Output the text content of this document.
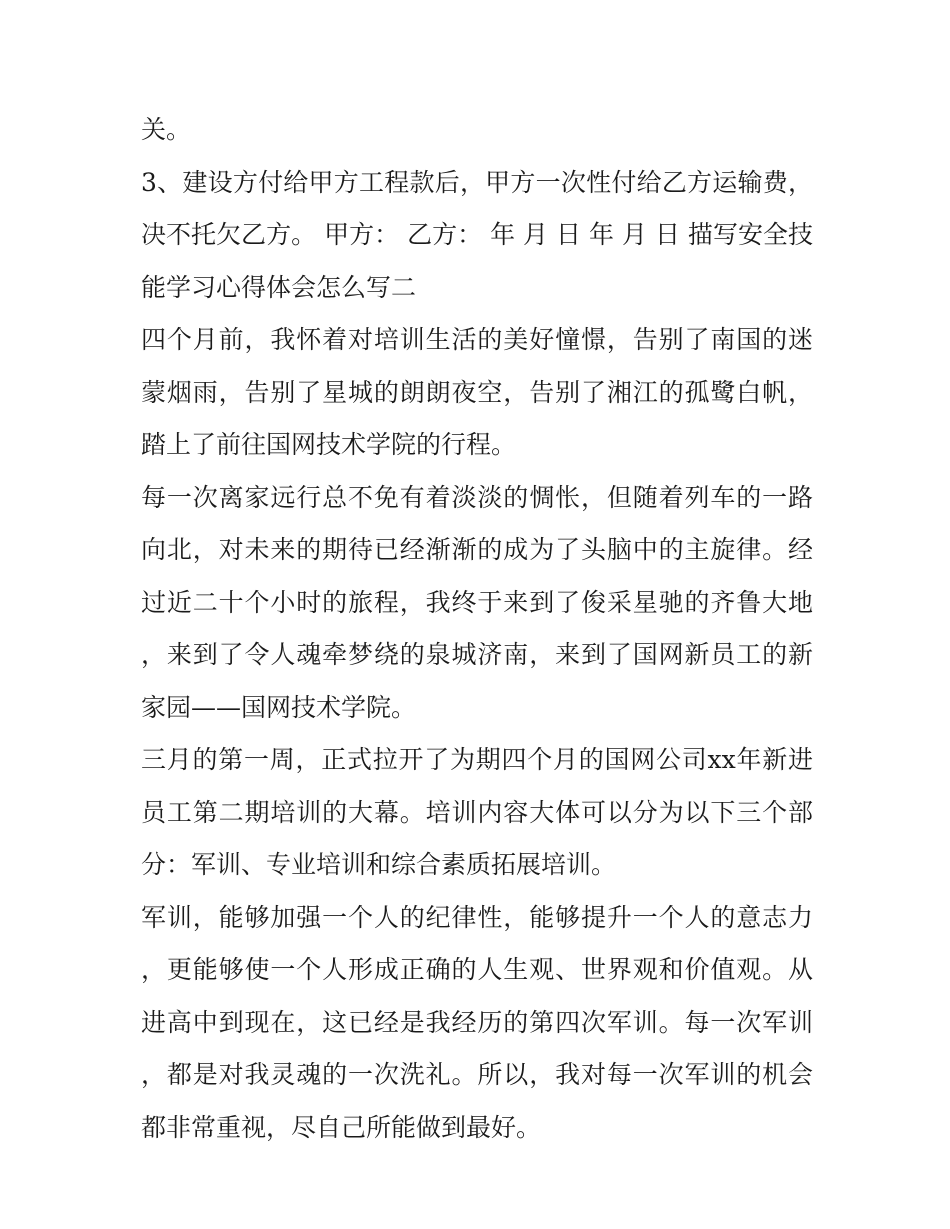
关。

3、建设方付给甲方工程款后，甲方一次性付给乙方运输费，决不托欠乙方。 甲方： 乙方： 年 月 日 年 月 日 描写安全技能学习心得体会怎么写二

四个月前，我怀着对培训生活的美好憧憬，告别了南国的迷蒙烟雨，告别了星城的朗朗夜空，告别了湘江的孤鹭白帆，踏上了前往国网技术学院的行程。

每一次离家远行总不免有着淡淡的惆怅，但随着列车的一路向北，对未来的期待已经渐渐的成为了头脑中的主旋律。经过近二十个小时的旅程，我终于来到了俊采星驰的齐鲁大地，来到了令人魂牵梦绕的泉城济南，来到了国网新员工的新家园——国网技术学院。

三月的第一周，正式拉开了为期四个月的国网公司xx年新进员工第二期培训的大幕。培训内容大体可以分为以下三个部分：军训、专业培训和综合素质拓展培训。

军训，能够加强一个人的纪律性，能够提升一个人的意志力，更能够使一个人形成正确的人生观、世界观和价值观。从进高中到现在，这已经是我经历的第四次军训。每一次军训，都是对我灵魂的一次洗礼。所以，我对每一次军训的机会都非常重视，尽自己所能做到最好。
